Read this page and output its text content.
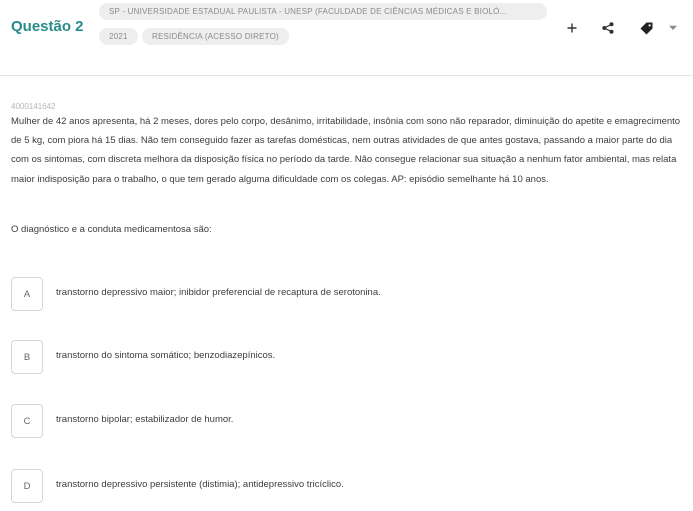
Questão 2
SP - UNIVERSIDADE ESTADUAL PAULISTA - UNESP (FACULDADE DE CIÊNCIAS MÉDICAS E BIOLÓ...
2021	RESIDÊNCIA (ACESSO DIRETO)
4000141642
Mulher de 42 anos apresenta, há 2 meses, dores pelo corpo, desânimo, irritabilidade, insônia com sono não reparador, diminuição do apetite e emagrecimento de 5 kg, com piora há 15 dias. Não tem conseguido fazer as tarefas domésticas, nem outras atividades de que antes gostava, passando a maior parte do dia com os sintomas, com discreta melhora da disposição física no período da tarde. Não consegue relacionar sua situação a nenhum fator ambiental, mas relata maior indisposição para o trabalho, o que tem gerado alguma dificuldade com os colegas. AP: episódio semelhante há 10 anos.
O diagnóstico e a conduta medicamentosa são:
A	transtorno depressivo maior; inibidor preferencial de recaptura de serotonina.
B	transtorno do sintoma somático; benzodiazepínicos.
C	transtorno bipolar; estabilizador de humor.
D	transtorno depressivo persistente (distimia); antidepressivo tricíclico.
